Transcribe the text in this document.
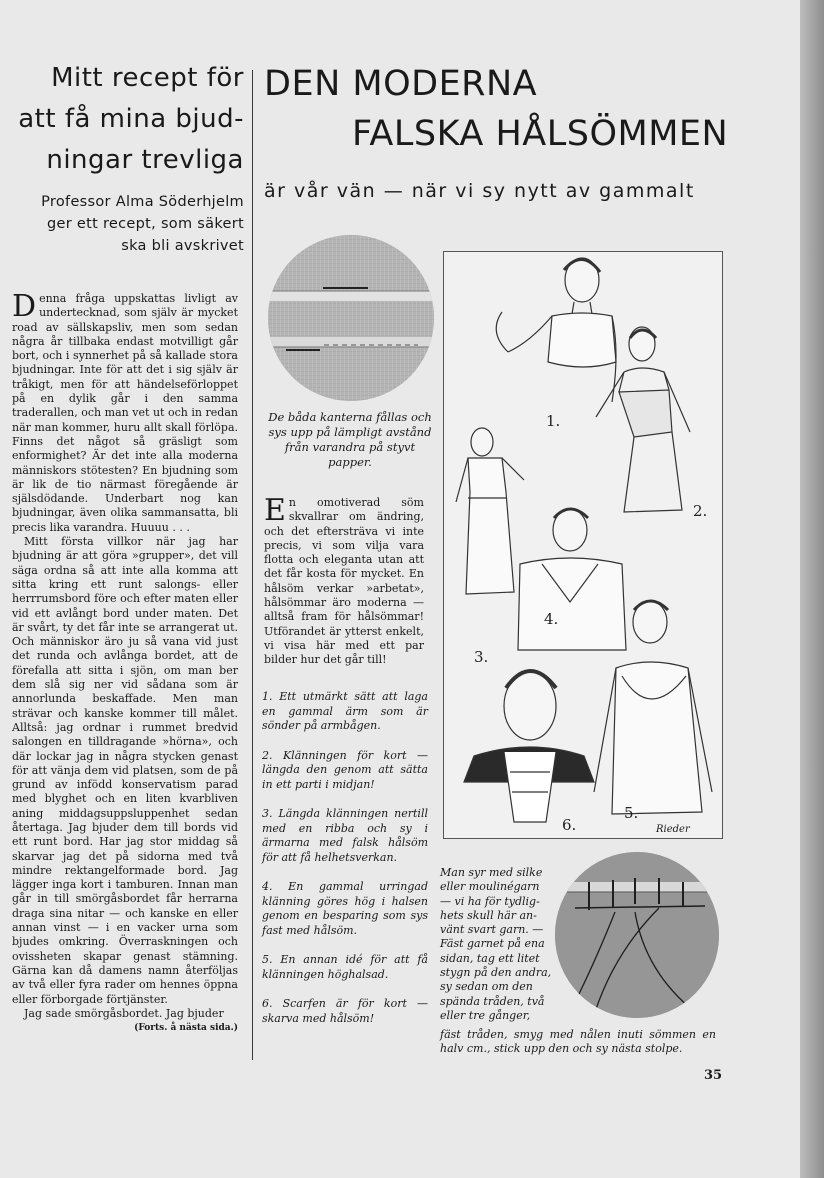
Mitt recept för
att få mina bjud-
ningar trevliga
Professor Alma Söderhjelm
ger ett recept, som säkert
ska bli avskrivet

Denna fråga uppskattas livligt av undertecknad, som själv är mycket road av sällskapsliv, men som sedan några år tillbaka endast motvilligt går bort, och i synnerhet på så kallade stora bjudningar. Inte för att det i sig själv är tråkigt, men för att händelseförloppet på en dylik går i den samma traderallen, och man vet ut och in redan när man kommer, huru allt skall förlöpa. Finns det något så gräsligt som enformighet? Är det inte alla moderna människors stötesten? En bjudning som är lik de tio närmast föregående är själsdödande. Underbart nog kan bjudningar, även olika sammansatta, bli precis lika varandra. Huuuu . . .

Mitt första villkor när jag har bjudning är att göra »grupper», det vill säga ordna så att inte alla komma att sitta kring ett runt salongs- eller herrrumsbord före och efter maten eller vid ett avlångt bord under maten. Det är svårt, ty det får inte se arrangerat ut. Och människor äro ju så vana vid just det runda och avlånga bordet, att de förefalla att sitta i sjön, om man ber dem slå sig ner vid sådana som är annorlunda beskaffade. Men man strävar och kanske kommer till målet. Alltså: jag ordnar i rummet bredvid salongen en tilldragande »hörna», och där lockar jag in några stycken genast för att vänja dem vid platsen, som de på grund av infödd konservatism parad med blyghet och en liten kvarbliven aning middagsuppsluppenhet sedan återtaga. Jag bjuder dem till bords vid ett runt bord. Har jag stor middag så skarvar jag det på sidorna med två mindre rektangelformade bord. Jag lägger inga kort i tamburen. Innan man går in till smörgåsbordet får herrarna draga sina nitar — och kanske en eller annan vinst — i en vacker urna som bjudes omkring. Överraskningen och ovissheten skapar genast stämning. Gärna kan då damens namn återföljas av två eller fyra rader om hennes öppna eller förborgade förtjänster.

Jag sade smörgåsbordet. Jag bjuder

(Forts. å nästa sida.)

DEN MODERNA
FALSKA HÅLSÖMMEN
är vår vän — när vi sy nytt av gammalt
De båda kanterna fållas och sys upp på lämpligt avstånd från varandra på styvt papper.

En omotiverad söm skvallrar om ändring, och det eftersträva vi inte precis, vi som vilja vara flotta och eleganta utan att det får kosta för mycket. En hålsöm verkar »arbetat», hålsömmar äro moderna — alltså fram för hålsömmar! Utförandet är ytterst enkelt, vi visa här med ett par bilder hur det går till!

1. Ett utmärkt sätt att laga en gammal ärm som är sönder på armbågen.

2. Klänningen för kort — längda den genom att sätta in ett parti i midjan!

3. Längda klänningen nertill med en ribba och sy i ärmarna med falsk hålsöm för att få helhetsverkan.

4. En gammal urringad klänning göres hög i halsen genom en besparing som sys fast med hålsöm.

5. En annan idé för att få klänningen höghalsad.

6. Scarfen är för kort — skarva med hålsöm!

1.
2.
3.
4.
5.
6.	Rieder
Man syr med silke
eller moulinégarn
— vi ha för tydlig-
hets skull här an-
vänt svart garn. —
Fäst garnet på ena
sidan, tag ett litet
stygn på den andra,
sy sedan om den
spända tråden, två
eller tre gånger,
fäst tråden, smyg med nålen inuti sömmen en halv cm., stick upp den och sy nästa stolpe.
35
